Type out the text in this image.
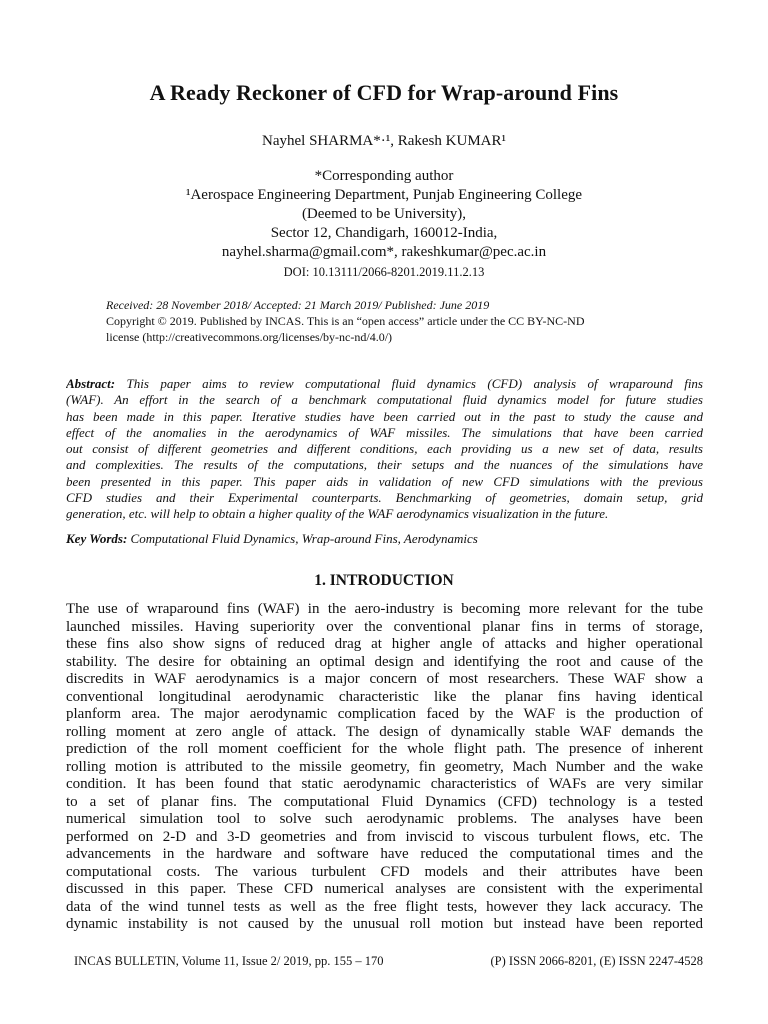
A Ready Reckoner of CFD for Wrap-around Fins
Nayhel SHARMA*·¹, Rakesh KUMAR¹
*Corresponding author
¹Aerospace Engineering Department, Punjab Engineering College
(Deemed to be University),
Sector 12, Chandigarh, 160012-India,
nayhel.sharma@gmail.com*, rakeshkumar@pec.ac.in
DOI: 10.13111/2066-8201.2019.11.2.13
Received: 28 November 2018/ Accepted: 21 March 2019/ Published: June 2019
Copyright © 2019. Published by INCAS. This is an “open access” article under the CC BY-NC-ND
license (http://creativecommons.org/licenses/by-nc-nd/4.0/)
Abstract: This paper aims to review computational fluid dynamics (CFD) analysis of wraparound fins
(WAF). An effort in the search of a benchmark computational fluid dynamics model for future studies
has been made in this paper. Iterative studies have been carried out in the past to study the cause and
effect of the anomalies in the aerodynamics of WAF missiles. The simulations that have been carried
out consist of different geometries and different conditions, each providing us a new set of data, results
and complexities. The results of the computations, their setups and the nuances of the simulations have
been presented in this paper. This paper aids in validation of new CFD simulations with the previous
CFD studies and their Experimental counterparts. Benchmarking of geometries, domain setup, grid
generation, etc. will help to obtain a higher quality of the WAF aerodynamics visualization in the future.
Key Words: Computational Fluid Dynamics, Wrap-around Fins, Aerodynamics
1. INTRODUCTION
The use of wraparound fins (WAF) in the aero-industry is becoming more relevant for the tube
launched missiles. Having superiority over the conventional planar fins in terms of storage,
these fins also show signs of reduced drag at higher angle of attacks and higher operational
stability. The desire for obtaining an optimal design and identifying the root and cause of the
discredits in WAF aerodynamics is a major concern of most researchers. These WAF show a
conventional longitudinal aerodynamic characteristic like the planar fins having identical
planform area. The major aerodynamic complication faced by the WAF is the production of
rolling moment at zero angle of attack. The design of dynamically stable WAF demands the
prediction of the roll moment coefficient for the whole flight path. The presence of inherent
rolling motion is attributed to the missile geometry, fin geometry, Mach Number and the wake
condition. It has been found that static aerodynamic characteristics of WAFs are very similar
to a set of planar fins. The computational Fluid Dynamics (CFD) technology is a tested
numerical simulation tool to solve such aerodynamic problems. The analyses have been
performed on 2-D and 3-D geometries and from inviscid to viscous turbulent flows, etc. The
advancements in the hardware and software have reduced the computational times and the
computational costs. The various turbulent CFD models and their attributes have been
discussed in this paper. These CFD numerical analyses are consistent with the experimental
data of the wind tunnel tests as well as the free flight tests, however they lack accuracy. The
dynamic instability is not caused by the unusual roll motion but instead have been reported
INCAS BULLETIN, Volume 11, Issue 2/ 2019, pp. 155 – 170	(P) ISSN 2066-8201, (E) ISSN 2247-4528
